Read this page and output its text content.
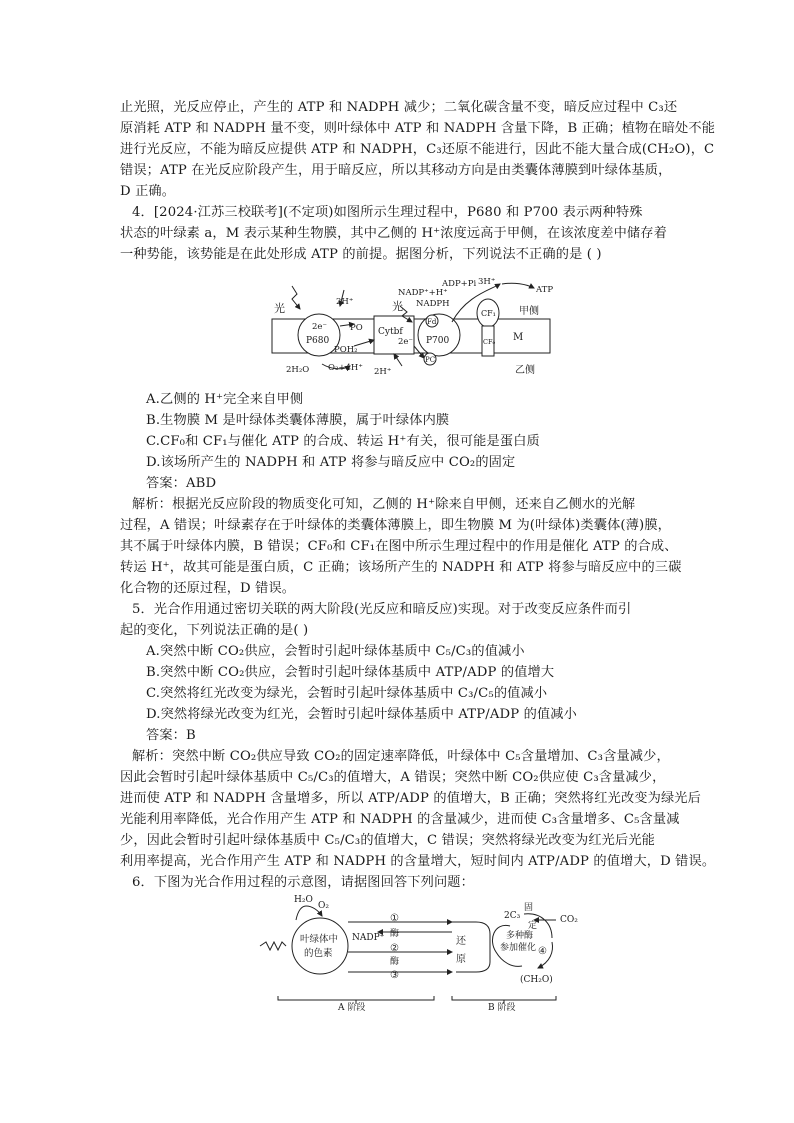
止光照，光反应停止，产生的 ATP 和 NADPH 减少；二氧化碳含量不变，暗反应过程中 C₃还
原消耗 ATP 和 NADPH 量不变，则叶绿体中 ATP 和 NADPH 含量下降，B 正确；植物在暗处不能
进行光反应，不能为暗反应提供 ATP 和 NADPH，C₃还原不能进行，因此不能大量合成(CH₂O)，C
错误；ATP 在光反应阶段产生，用于暗反应，所以其移动方向是由类囊体薄膜到叶绿体基质，
D 正确。
4．[2024·江苏三校联考](不定项)如图所示生理过程中，P680 和 P700 表示两种特殊
状态的叶绿素 a，M 表示某种生物膜，其中乙侧的 H⁺浓度远高于甲侧，在该浓度差中储存着
一种势能，该势能是在此处形成 ATP 的前提。据图分析，下列说法不正确的是 ( )
光	光
2e⁻
P680	P700
2e⁻
PO
POH₂
Cytbf
2H⁺
2H⁺
2H₂O O₂+4H⁺
NADP⁺+H⁺
NADPH
Fd
PC
ADP+Pi 3H⁺
ATP
CF₁
CF₀ M
甲侧
乙侧
A.乙侧的 H⁺完全来自甲侧
B.生物膜 M 是叶绿体类囊体薄膜，属于叶绿体内膜
C.CF₀和 CF₁与催化 ATP 的合成、转运 H⁺有关，很可能是蛋白质
D.该场所产生的 NADPH 和 ATP 将参与暗反应中 CO₂的固定
答案：ABD
解析：根据光反应阶段的物质变化可知，乙侧的 H⁺除来自甲侧，还来自乙侧水的光解
过程，A 错误；叶绿素存在于叶绿体的类囊体薄膜上，即生物膜 M 为(叶绿体)类囊体(薄)膜，
其不属于叶绿体内膜，B 错误；CF₀和 CF₁在图中所示生理过程中的作用是催化 ATP 的合成、
转运 H⁺，故其可能是蛋白质，C 正确；该场所产生的 NADPH 和 ATP 将参与暗反应中的三碳
化合物的还原过程，D 错误。
5．光合作用通过密切关联的两大阶段(光反应和暗反应)实现。对于改变反应条件而引
起的变化，下列说法正确的是( )
A.突然中断 CO₂供应，会暂时引起叶绿体基质中 C₅/C₃的值减小
B.突然中断 CO₂供应，会暂时引起叶绿体基质中 ATP/ADP 的值增大
C.突然将红光改变为绿光，会暂时引起叶绿体基质中 C₃/C₅的值减小
D.突然将绿光改变为红光，会暂时引起叶绿体基质中 ATP/ADP 的值减小
答案：B
解析：突然中断 CO₂供应导致 CO₂的固定速率降低，叶绿体中 C₅含量增加、C₃含量减少，
因此会暂时引起叶绿体基质中 C₅/C₃的值增大，A 错误；突然中断 CO₂供应使 C₃含量减少，
进而使 ATP 和 NADPH 含量增多，所以 ATP/ADP 的值增大，B 正确；突然将红光改变为绿光后
光能利用率降低，光合作用产生 ATP 和 NADPH 的含量减少，进而使 C₃含量增多、C₅含量减
少，因此会暂时引起叶绿体基质中 C₅/C₃的值增大，C 错误；突然将绿光改变为红光后光能
利用率提高，光合作用产生 ATP 和 NADPH 的含量增大，短时间内 ATP/ADP 的值增大，D 错误。
6．下图为光合作用过程的示意图，请据图回答下列问题：
H₂O
O₂
叶绿体中
的色素
①
酶
NADP⁺
②
酶
③
还
原
2C₃
固
定
CO₂
多种酶
参加催化 ④
(CH₂O)
A 阶段	B 阶段
